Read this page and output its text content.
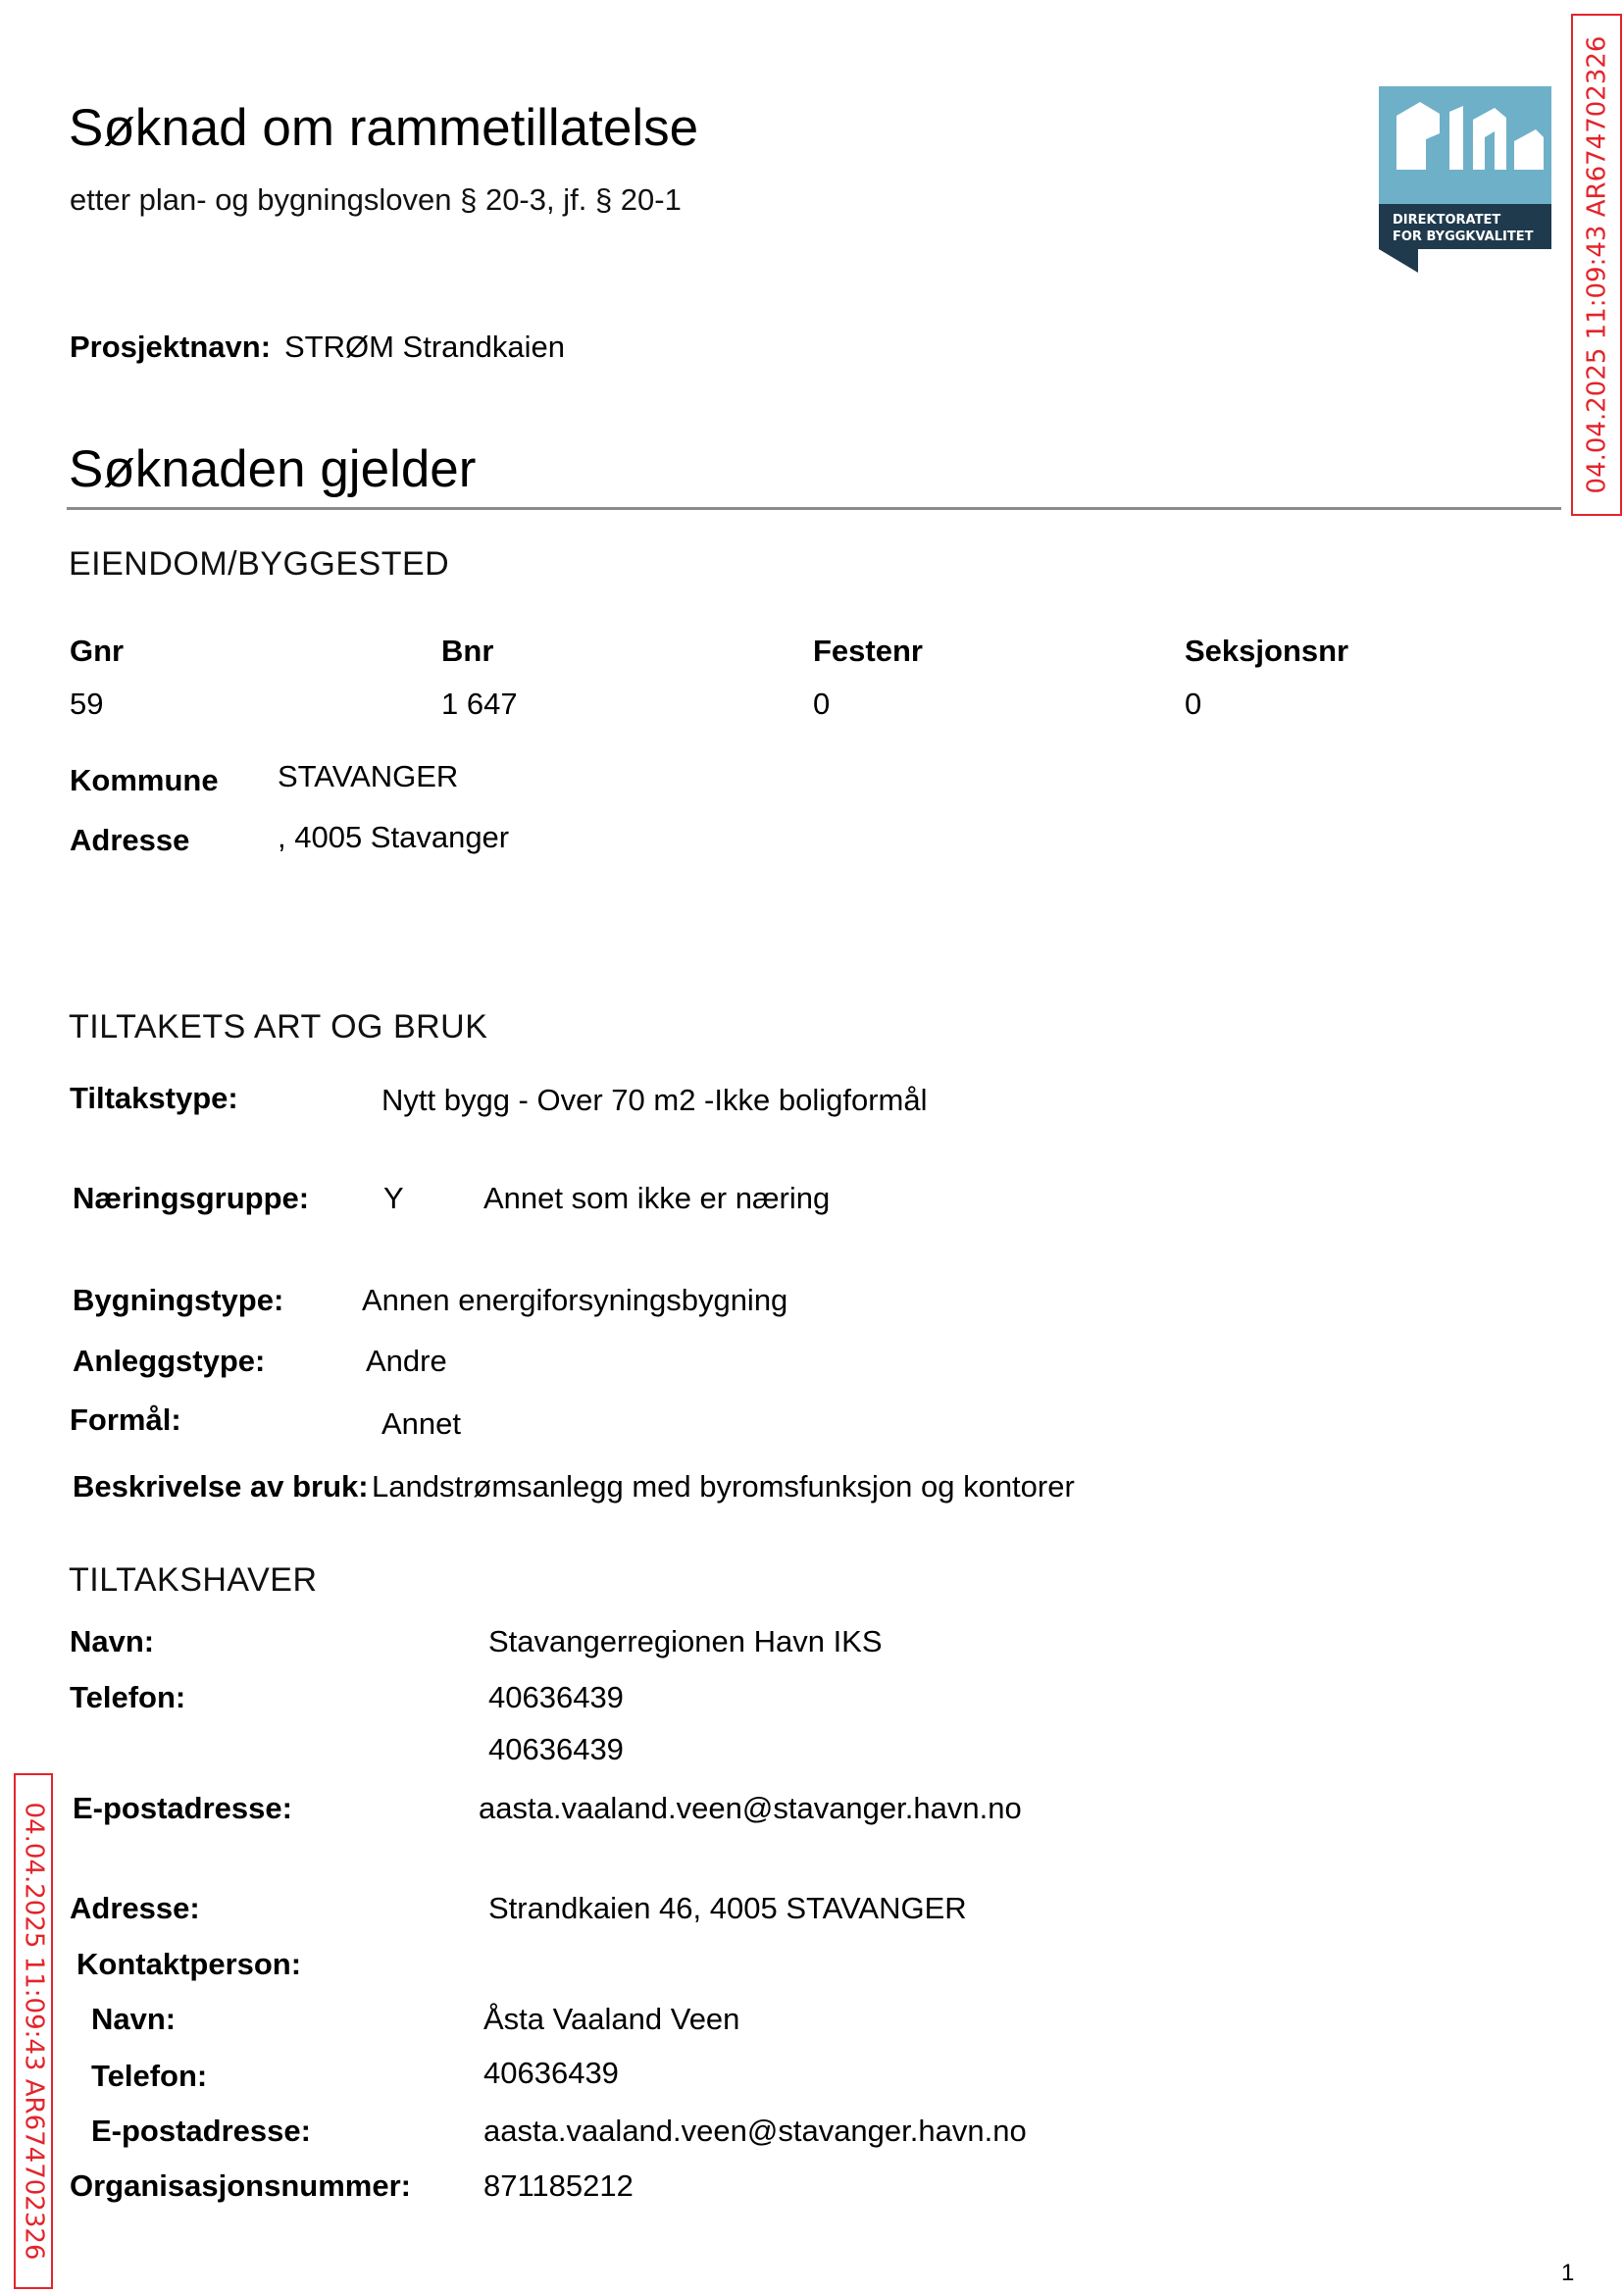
Søknad om rammetillatelse
etter plan- og bygningsloven § 20-3, jf. § 20-1
DIREKTORATET
FOR BYGGKVALITET 04.04.2025 11:09:43 AR674702326
04.04.2025 11:09:43 AR674702326
Prosjektnavn: STRØM Strandkaien
Søknaden gjelder
EIENDOM/BYGGESTED
Gnr	Bnr	Festenr	Seksjonsnr
59	1 647	0	0
Kommune STAVANGER
Adresse	, 4005 Stavanger
TILTAKETS ART OG BRUK
Tiltakstype:	Nytt bygg - Over 70 m2 -Ikke boligformål
Næringsgruppe: Y	Annet som ikke er næring
Bygningstype:	Annen energiforsyningsbygning
Anleggstype:	Andre
Formål:	Annet
Beskrivelse av bruk: Landstrømsanlegg med byromsfunksjon og kontorer
TILTAKSHAVER
Navn:	Stavangerregionen Havn IKS
Telefon:	40636439
40636439
E-postadresse:	aasta.vaaland.veen@stavanger.havn.no
Adresse:	Strandkaien 46, 4005 STAVANGER
Kontaktperson:
Navn:	Åsta Vaaland Veen
Telefon:	40636439
E-postadresse:	aasta.vaaland.veen@stavanger.havn.no
Organisasjonsnummer: 871185212
1
